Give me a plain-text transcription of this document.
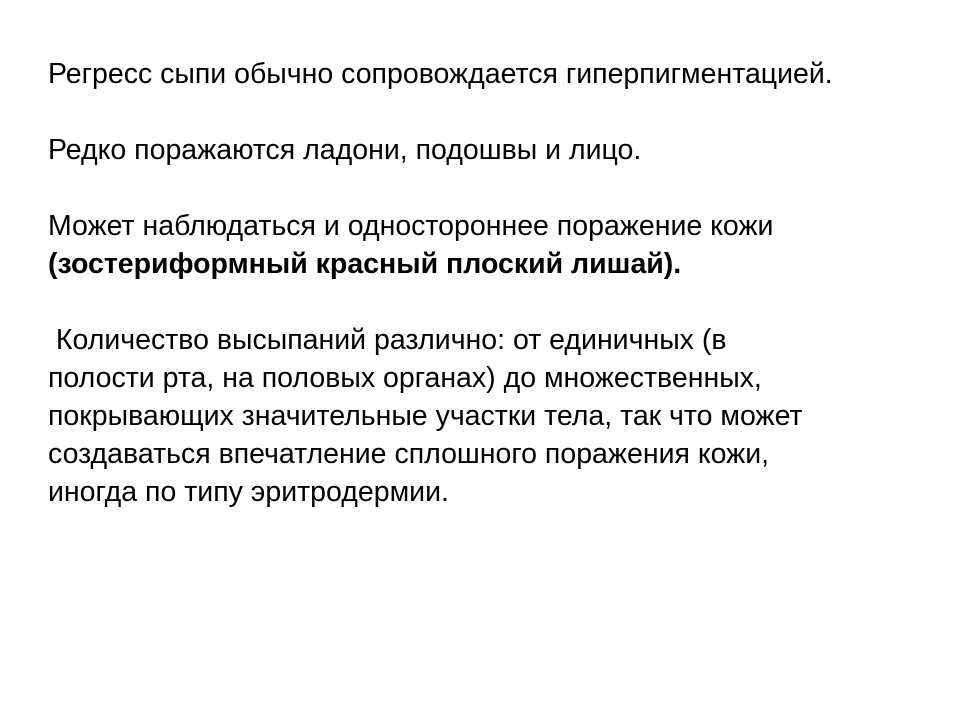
Регресс сыпи обычно сопровождается гиперпигментацией.

Редко поражаются ладони, подошвы и лицо.

Может наблюдаться и одностороннее поражение кожи
(зостериформный красный плоский лишай).

Количество высыпаний различно: от единичных (в
полости рта, на половых органах) до множественных,
покрывающих значительные участки тела, так что может
создаваться впечатление сплошного поражения кожи,
иногда по типу эритродермии.
